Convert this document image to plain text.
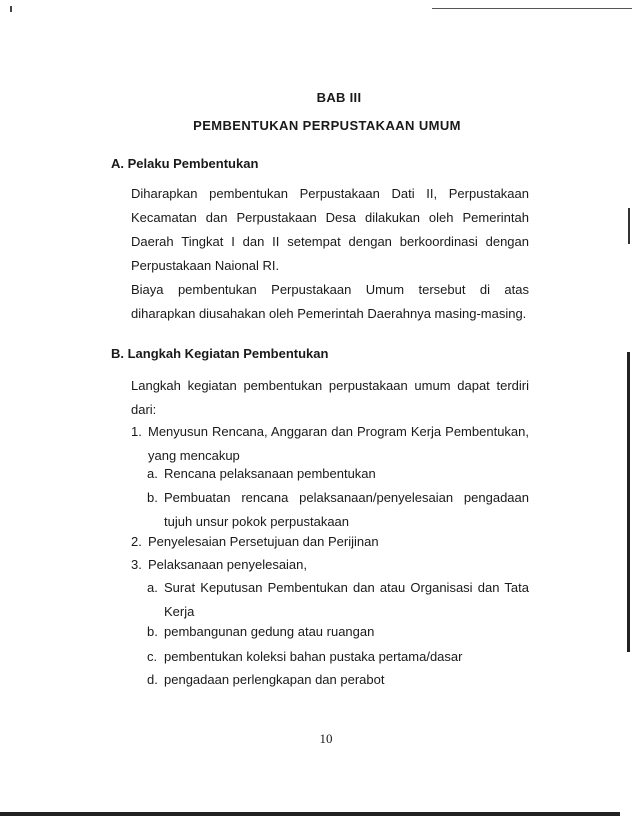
BAB III
PEMBENTUKAN PERPUSTAKAAN UMUM
A. Pelaku Pembentukan
Diharapkan pembentukan Perpustakaan Dati II, Perpustakaan Kecamatan dan Perpustakaan Desa dilakukan oleh Pemerintah Daerah Tingkat I dan II setempat dengan berkoordinasi dengan Perpustakaan Naional RI.
Biaya pembentukan Perpustakaan Umum tersebut di atas diharapkan diusahakan oleh Pemerintah Daerahnya masing-masing.
B. Langkah Kegiatan Pembentukan
Langkah kegiatan pembentukan perpustakaan umum dapat terdiri dari:
1. Menyusun Rencana, Anggaran dan Program Kerja Pembentukan, yang mencakup
a. Rencana pelaksanaan pembentukan
b. Pembuatan rencana pelaksanaan/penyelesaian pengadaan tujuh unsur pokok perpustakaan
2. Penyelesaian Persetujuan dan Perijinan
3. Pelaksanaan penyelesaian,
a. Surat Keputusan Pembentukan dan atau Organisasi dan Tata Kerja
b. pembangunan gedung atau ruangan
c. pembentukan koleksi bahan pustaka pertama/dasar
d. pengadaan perlengkapan dan perabot
10
